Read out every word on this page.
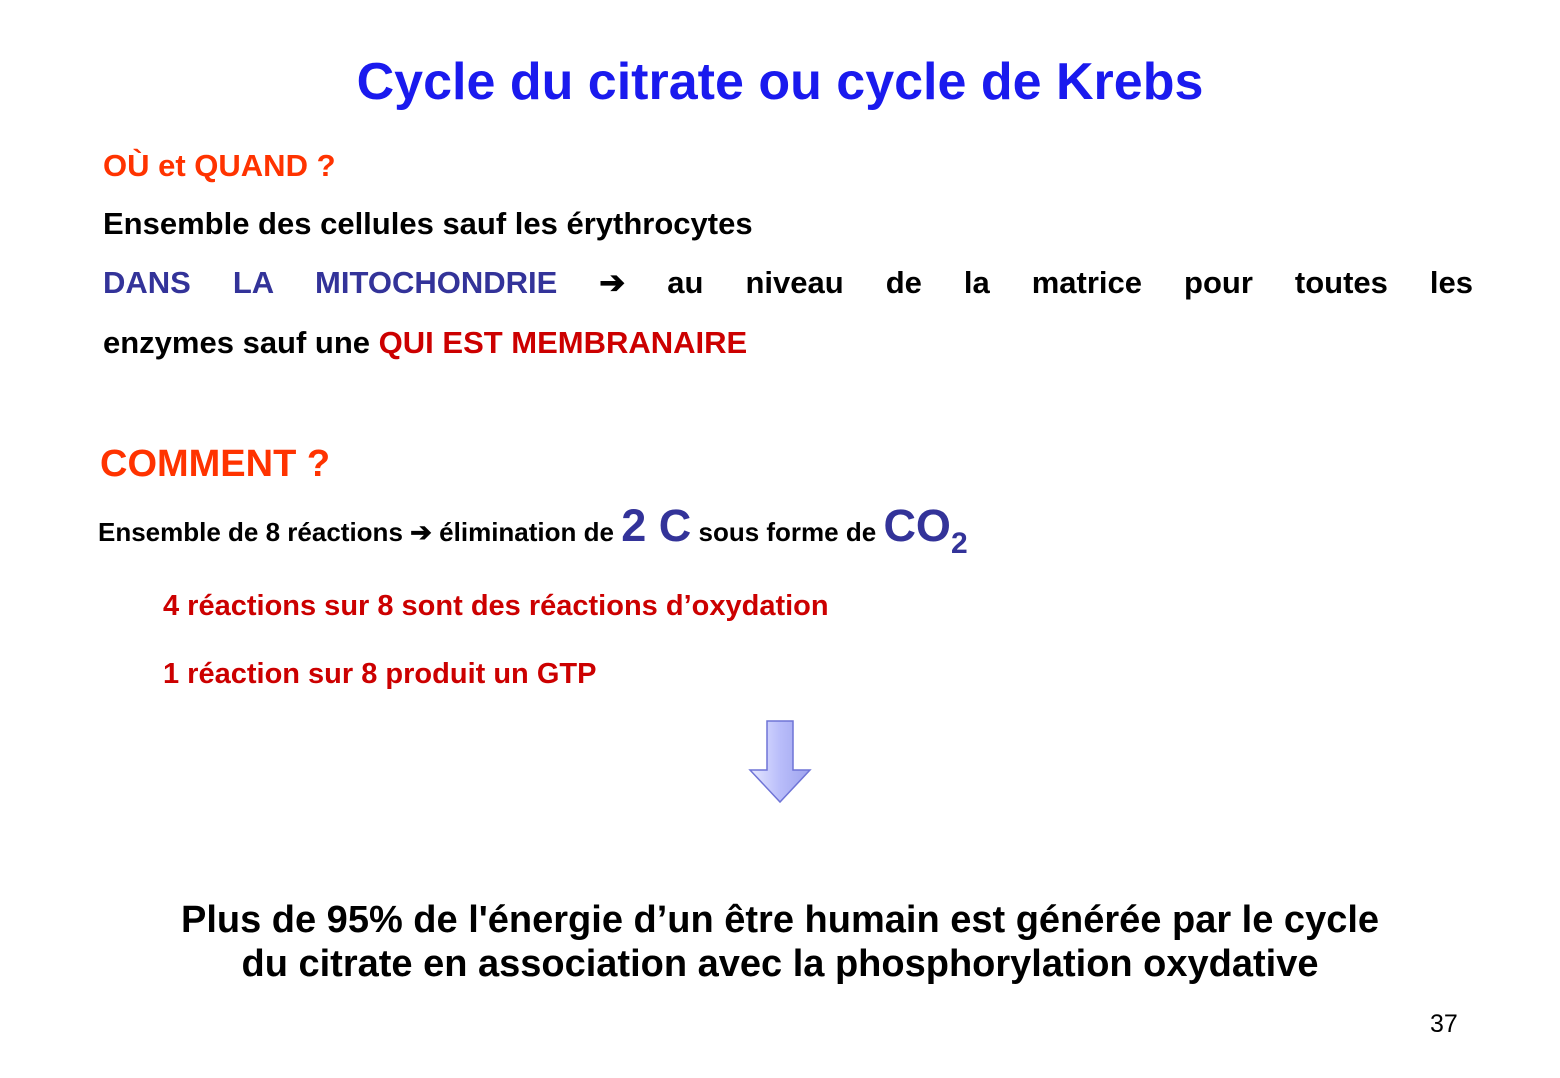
Cycle du citrate ou cycle de Krebs
OÙ et QUAND ?
Ensemble des cellules sauf les érythrocytes
DANS LA MITOCHONDRIE ➔ au niveau de la matrice pour toutes les
enzymes sauf une QUI EST MEMBRANAIRE
COMMENT ?
Ensemble de 8 réactions ➔ élimination de 2 C sous forme de $CO_2$
4 réactions sur 8 sont des réactions d’oxydation
1 réaction sur 8 produit un GTP
Plus de 95% de l'énergie d’un être humain est générée par le cycle
du citrate en association avec la phosphorylation oxydative
37
